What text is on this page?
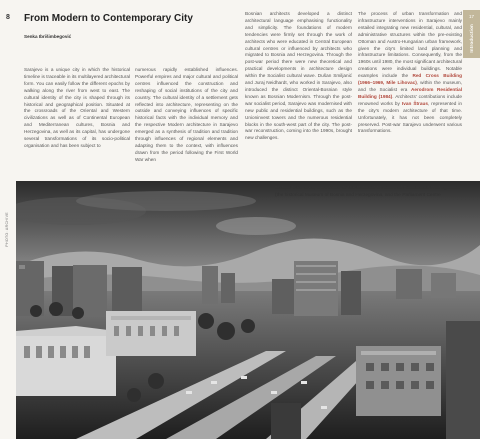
8 From Modern to Contemporary City
Senka Ibrišimbegović
Sarajevo is a unique city in which the historical timeline is traceable in its multilayered architectural form. You can easily follow the different epochs by walking along the river from west to east. The cultural identity of the city is shaped through its historical and geographical position. Situated at the crossroads of the Oriental and Western civilizations as well as of Continental European and Mediterranean cultures, Bosnia and Herzegovina, as well as its capital, has undergone several transformations of its socio-political organisation and has been subject to
numerous rapidly established influences. Powerful empires and major cultural and political centres influenced the construction and reshaping of social institutions of the city and country. The cultural identity of a settlement gets reflected into architecture, representing on the outside and conveying influences of specific historical facts with the individual memory and the respective Modern architecture in Sarajevo emerged as a synthesis of tradition and tradition through influences of regional elements and adapting them to the context, with influences drawn from the period following the First World War when
Bosnian architects developed a distinct architectural language emphasising functionality and simplicity. The foundations of modern tendencies were firmly set through the work of architects who were educated in Central European cultural centres or influenced by architects who migrated to Bosnia and Herzegovina. Through the post-war period there were new theoretical and practical developments in architecture design within the Socialist cultural wave. Dušan Smiljanić and Juraj Neidhardt, who worked in Sarajevo, also introduced the distinct Oriental-Bosnian style known as Bosnian Modernism. Through the post-war socialist period, Sarajevo was modernised with new public and residential buildings, such as the Unioninvest towers and the numerous residential blocks in the south-west part of the city. The post-war reconstruction, coming into the 1990s, brought new challenges.
The process of urban transformation and infrastructure interventions in Sarajevo mainly entailed integrating new residential, cultural, and administrative structures within the pre-existing Ottoman and Austro-Hungarian urban framework, given the city's limited land planning and infrastructure limitations. Consequently, from the 1960s until 1980, the most significant architectural creations were individual buildings. Notable examples include the Red Cross Building (1966–1969, Mile Lihovac), within the museum, and the Socialist era Aerodrom Residential Building (1984). Architects' contributions include renowned works by Ivan Štraus, represented in the city's modern architecture of that time. Unfortunately, it has not been completely preserved. Post-war Sarajevo underwent various transformations.
17
Introduction
PHOTO: ARCHIVE
Marijin Dvor area, view towards the National Museum of Bosnia and Herzegovina
(the historical Museum of Bosnia and Herzegovina, and the Parliament Centre
